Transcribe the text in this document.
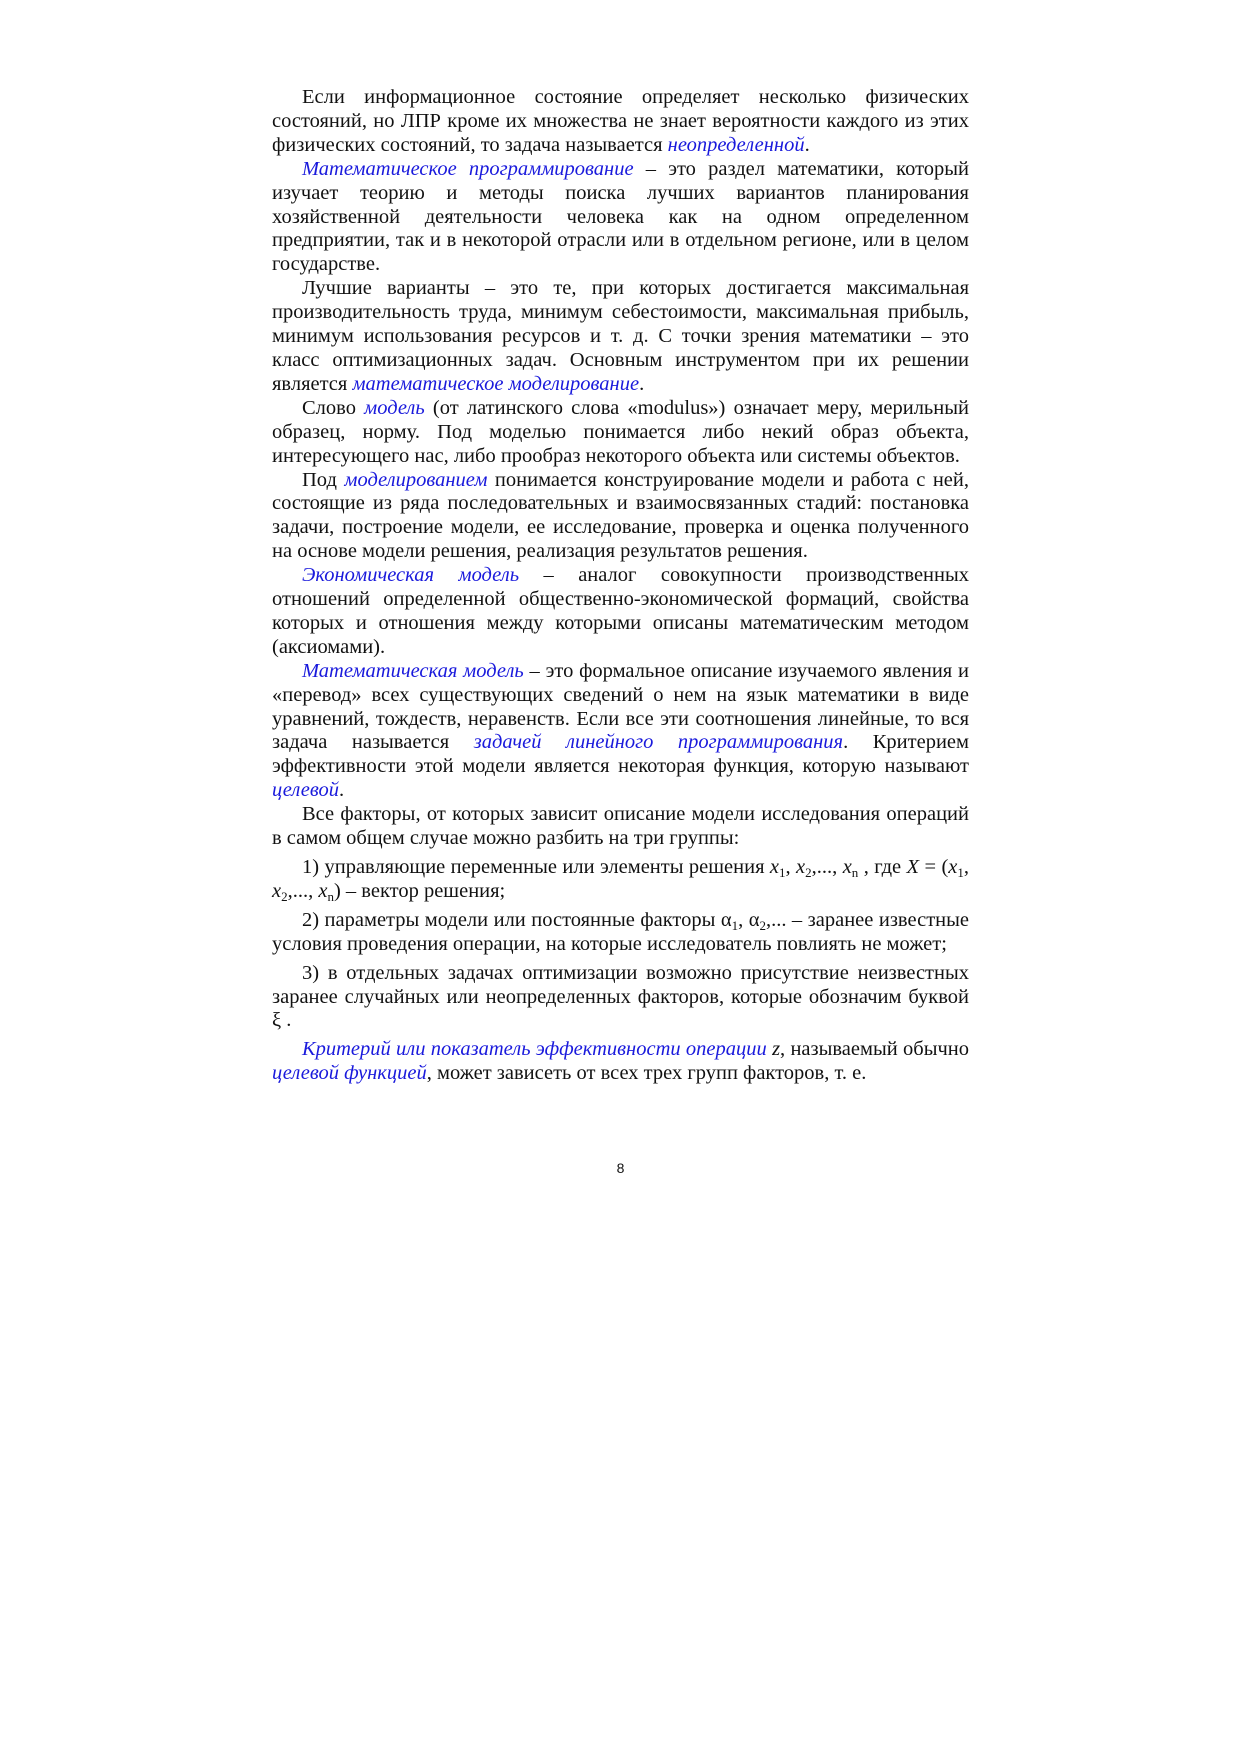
Если информационное состояние определяет несколько физических состояний, но ЛПР кроме их множества не знает вероятности каждого из этих физических состояний, то задача называется неопределенной.

Математическое программирование – это раздел математики, который изучает теорию и методы поиска лучших вариантов планирования хозяйственной деятельности человека как на одном определенном предприятии, так и в некоторой отрасли или в отдельном регионе, или в целом государстве.

Лучшие варианты – это те, при которых достигается максимальная производительность труда, минимум себестоимости, максимальная прибыль, минимум использования ресурсов и т. д. С точки зрения математики – это класс оптимизационных задач. Основным инструментом при их решении является математическое моделирование.

Слово модель (от латинского слова «modulus») означает меру, мерильный образец, норму. Под моделью понимается либо некий образ объекта, интересующего нас, либо прообраз некоторого объекта или системы объектов.

Под моделированием понимается конструирование модели и работа с ней, состоящие из ряда последовательных и взаимосвязанных стадий: постановка задачи, построение модели, ее исследование, проверка и оценка полученного на основе модели решения, реализация результатов решения.

Экономическая модель – аналог совокупности производственных отношений определенной общественно-экономической формаций, свойства которых и отношения между которыми описаны математическим методом (аксиомами).

Математическая модель – это формальное описание изучаемого явления и «перевод» всех существующих сведений о нем на язык математики в виде уравнений, тождеств, неравенств. Если все эти соотношения линейные, то вся задача называется задачей линейного программирования. Критерием эффективности этой модели является некоторая функция, которую называют целевой.

Все факторы, от которых зависит описание модели исследования операций в самом общем случае можно разбить на три группы:

1) управляющие переменные или элементы решения $x_1$, $x_2$,..., $x_n$ , где $X = (x_1$, $x_2$,..., $x_n$) – вектор решения;

2) параметры модели или постоянные факторы $\alpha_1$, $\alpha_2$,... – заранее известные условия проведения операции, на которые исследователь повлиять не может;

3) в отдельных задачах оптимизации возможно присутствие неизвестных заранее случайных или неопределенных факторов, которые обозначим буквой ξ .

Критерий или показатель эффективности операции z, называемый обычно целевой функцией, может зависеть от всех трех групп факторов, т. е.

8
